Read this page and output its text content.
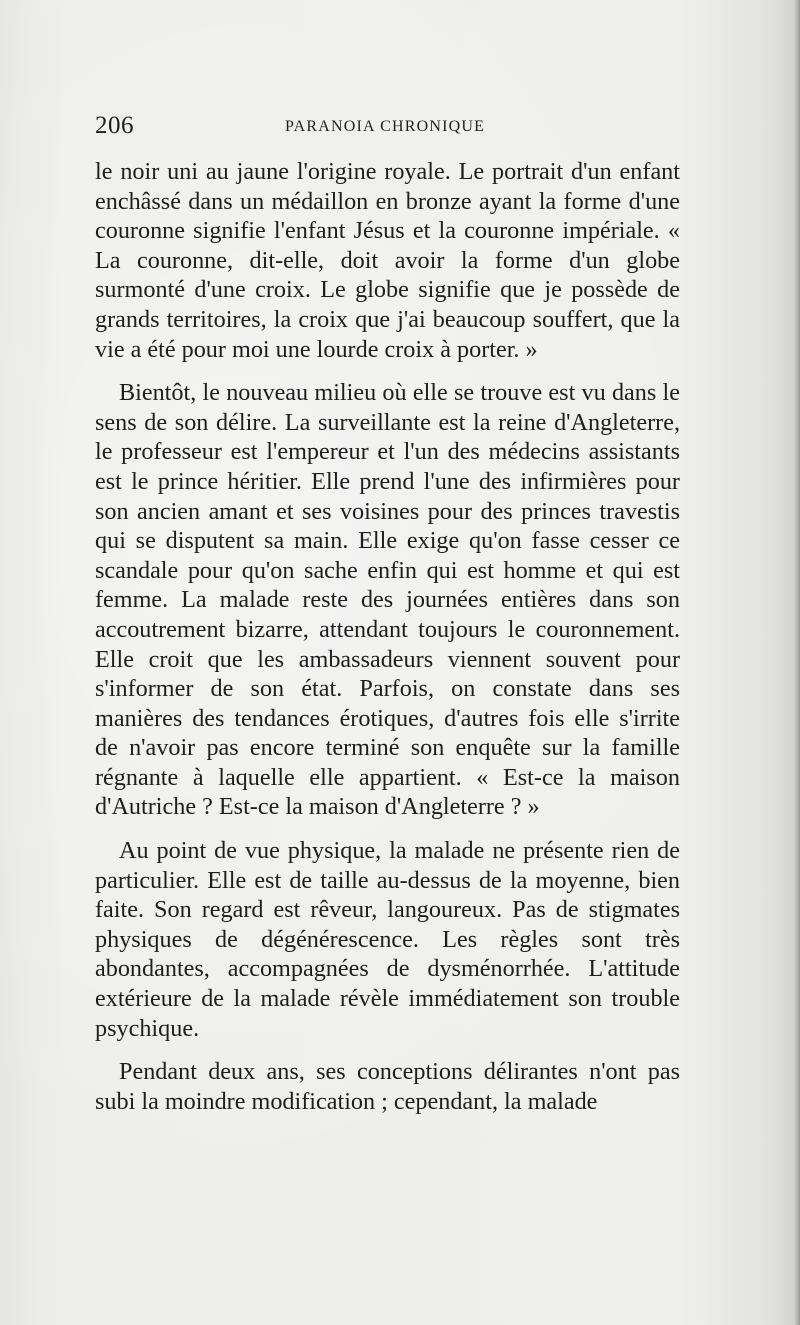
206	PARANOIA CHRONIQUE

le noir uni au jaune l'origine royale. Le portrait d'un enfant enchâssé dans un médaillon en bronze ayant la forme d'une couronne signifie l'enfant Jésus et la couronne impériale. « La couronne, dit-elle, doit avoir la forme d'un globe surmonté d'une croix. Le globe signifie que je possède de grands territoires, la croix que j'ai beaucoup souffert, que la vie a été pour moi une lourde croix à porter. »

Bientôt, le nouveau milieu où elle se trouve est vu dans le sens de son délire. La surveillante est la reine d'Angleterre, le professeur est l'empereur et l'un des médecins assistants est le prince héritier. Elle prend l'une des infirmières pour son ancien amant et ses voisines pour des princes travestis qui se disputent sa main. Elle exige qu'on fasse cesser ce scandale pour qu'on sache enfin qui est homme et qui est femme. La malade reste des journées entières dans son accoutrement bizarre, attendant toujours le couronnement. Elle croit que les ambassadeurs viennent souvent pour s'informer de son état. Parfois, on constate dans ses manières des tendances érotiques, d'autres fois elle s'irrite de n'avoir pas encore terminé son enquête sur la famille régnante à laquelle elle appartient. « Est-ce la maison d'Autriche ? Est-ce la maison d'Angleterre ? »

Au point de vue physique, la malade ne présente rien de particulier. Elle est de taille au-dessus de la moyenne, bien faite. Son regard est rêveur, langoureux. Pas de stigmates physiques de dégénérescence. Les règles sont très abondantes, accompagnées de dysménorrhée. L'attitude extérieure de la malade révèle immédiatement son trouble psychique.

Pendant deux ans, ses conceptions délirantes n'ont pas subi la moindre modification ; cependant, la malade
